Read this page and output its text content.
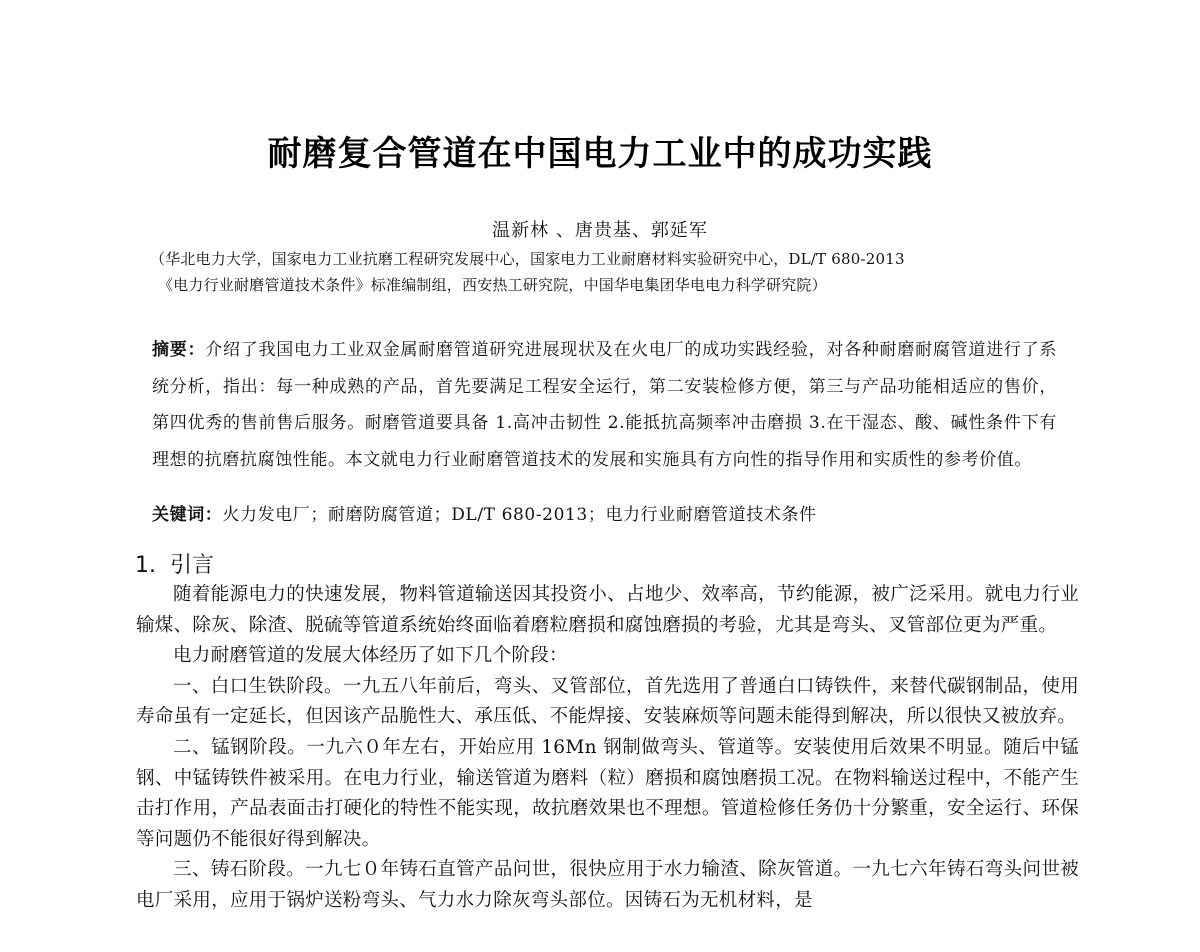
耐磨复合管道在中国电力工业中的成功实践
温新林 、唐贵基、郭延军
（华北电力大学，国家电力工业抗磨工程研究发展中心，国家电力工业耐磨材料实验研究中心，DL/T 680-2013
《电力行业耐磨管道技术条件》标准编制组，西安热工研究院，中国华电集团华电电力科学研究院）
摘要：介绍了我国电力工业双金属耐磨管道研究进展现状及在火电厂的成功实践经验，对各种耐磨耐腐管道进行了系统分析，指出：每一种成熟的产品，首先要满足工程安全运行，第二安装检修方便，第三与产品功能相适应的售价，第四优秀的售前售后服务。耐磨管道要具备 1.高冲击韧性 2.能抵抗高频率冲击磨损 3.在干湿态、酸、碱性条件下有理想的抗磨抗腐蚀性能。本文就电力行业耐磨管道技术的发展和实施具有方向性的指导作用和实质性的参考价值。
关键词：火力发电厂；耐磨防腐管道；DL/T 680-2013；电力行业耐磨管道技术条件
1. 引言

随着能源电力的快速发展，物料管道输送因其投资小、占地少、效率高，节约能源，被广泛采用。就电力行业输煤、除灰、除渣、脱硫等管道系统始终面临着磨粒磨损和腐蚀磨损的考验，尤其是弯头、叉管部位更为严重。

电力耐磨管道的发展大体经历了如下几个阶段：

一、白口生铁阶段。一九五八年前后，弯头、叉管部位，首先选用了普通白口铸铁件，来替代碳钢制品，使用寿命虽有一定延长，但因该产品脆性大、承压低、不能焊接、安装麻烦等问题未能得到解决，所以很快又被放弃。

二、锰钢阶段。一九六０年左右，开始应用 16Mn 钢制做弯头、管道等。安装使用后效果不明显。随后中锰钢、中锰铸铁件被采用。在电力行业，输送管道为磨料（粒）磨损和腐蚀磨损工况。在物料输送过程中，不能产生击打作用，产品表面击打硬化的特性不能实现，故抗磨效果也不理想。管道检修任务仍十分繁重，安全运行、环保等问题仍不能很好得到解决。

三、铸石阶段。一九七０年铸石直管产品问世，很快应用于水力输渣、除灰管道。一九七六年铸石弯头问世被电厂采用，应用于锅炉送粉弯头、气力水力除灰弯头部位。因铸石为无机材料，是
